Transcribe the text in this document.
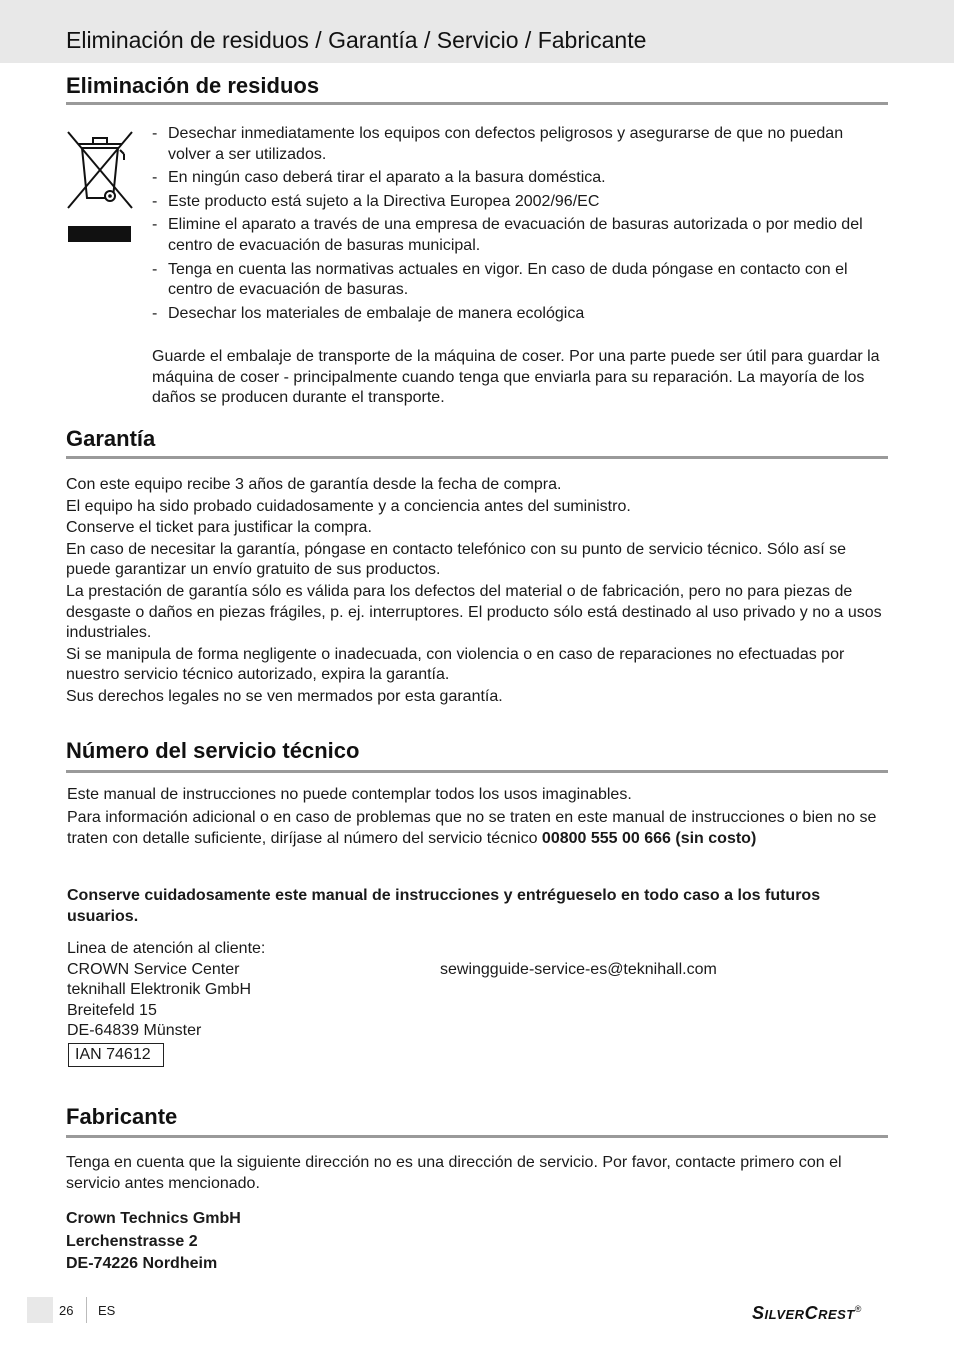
Eliminación de residuos / Garantía / Servicio / Fabricante
Eliminación de residuos
- Desechar inmediatamente los equipos con defectos peligrosos y asegurarse de que no puedan volver a ser utilizados.
- En ningún caso deberá tirar el aparato a la basura doméstica.
- Este producto está sujeto a la Directiva Europea 2002/96/EC
- Elimine el aparato a través de una empresa de evacuación de basuras autorizada o por medio del centro de evacuación de basuras municipal.
- Tenga en cuenta las normativas actuales en vigor. En caso de duda póngase en contacto con el centro de evacuación de basuras.
- Desechar los materiales de embalaje de manera ecológica
Guarde el embalaje de transporte de la máquina de coser. Por una parte puede ser útil para guardar la máquina de coser - principalmente cuando tenga que enviarla para su reparación. La mayoría de los daños se producen durante el transporte.
Garantía
Con este equipo recibe 3 años de garantía desde la fecha de compra.
El equipo ha sido probado cuidadosamente y a conciencia antes del suministro.
Conserve el ticket para justificar la compra.
En caso de necesitar la garantía, póngase en contacto telefónico con su punto de servicio técnico. Sólo así se puede garantizar un envío gratuito de sus productos.
La prestación de garantía sólo es válida para los defectos del material o de fabricación, pero no para piezas de desgaste o daños en piezas frágiles, p. ej. interruptores. El producto sólo está destinado al uso privado y no a usos industriales.
Si se manipula de forma negligente o inadecuada, con violencia o en caso de reparaciones no efectuadas por nuestro servicio técnico autorizado, expira la garantía.
Sus derechos legales no se ven mermados por esta garantía.
Número del servicio técnico
Este manual de instrucciones no puede contemplar todos los usos imaginables.
Para información adicional o en caso de problemas que no se traten en este manual de instrucciones o bien no se traten con detalle suficiente, diríjase al número del servicio técnico 00800 555 00 666 (sin costo)
Conserve cuidadosamente este manual de instrucciones y entrégueselo en todo caso a los futuros usuarios.
Linea de atención al cliente:
CROWN Service Center
teknihall Elektronik GmbH
Breitefeld 15
DE-64839 Münster
sewingguide-service-es@teknihall.com
IAN 74612
Fabricante
Tenga en cuenta que la siguiente dirección no es una dirección de servicio. Por favor, contacte primero con el servicio antes mencionado.
Crown Technics GmbH
Lerchenstrasse 2
DE-74226 Nordheim
26 ES	SilverCrest®
